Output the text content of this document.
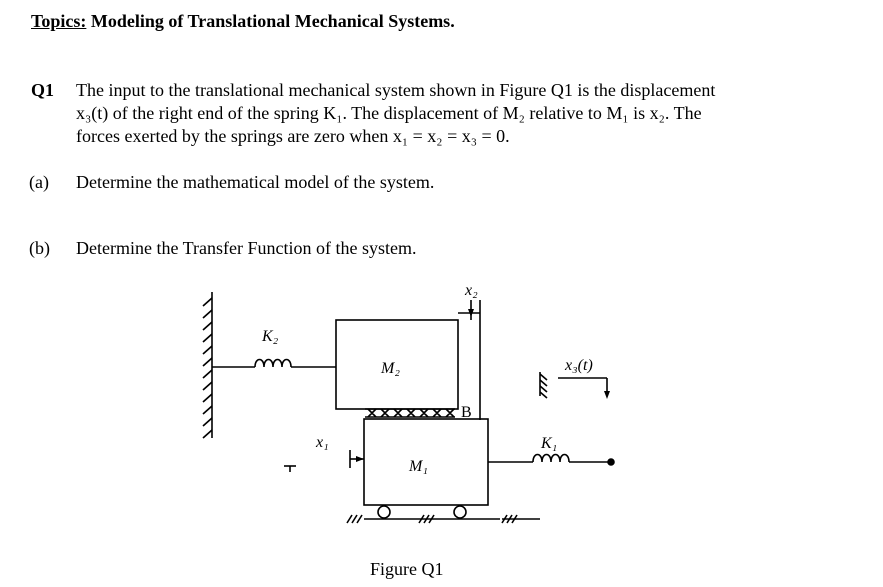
Topics: Modeling of Translational Mechanical Systems.
Q1 The input to the translational mechanical system shown in Figure Q1 is the displacement
x₃(t) of the right end of the spring K₁. The displacement of M₂ relative to M₁ is x₂. The
forces exerted by the springs are zero when x₁ = x₂ = x₃ = 0.
(a) Determine the mathematical model of the system.
(b) Determine the Transfer Function of the system.
K₂
M₂
x₂
B
x₁
M₁
K₁
x₃(t)
Figure Q1
